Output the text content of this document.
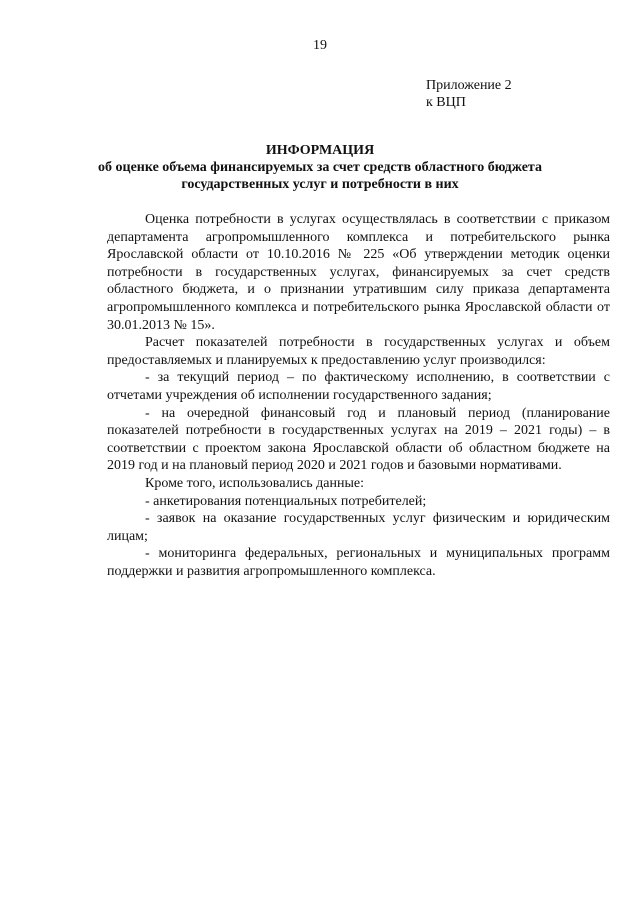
19
Приложение 2
к ВЦП
ИНФОРМАЦИЯ
об оценке объема финансируемых за счет средств областного бюджета
государственных услуг и потребности в них

Оценка потребности в услугах осуществлялась в соответствии с приказом департамента агропромышленного комплекса и потребительского рынка Ярославской области от 10.10.2016 № 225 «Об утверждении методик оценки потребности в государственных услугах, финансируемых за счет средств областного бюджета, и о признании утратившим силу приказа департамента агропромышленного комплекса и потребительского рынка Ярославской области от 30.01.2013 № 15».

Расчет показателей потребности в государственных услугах и объем предоставляемых и планируемых к предоставлению услуг производился:

- за текущий период – по фактическому исполнению, в соответствии с отчетами учреждения об исполнении государственного задания;

- на очередной финансовый год и плановый период (планирование показателей потребности в государственных услугах на 2019 – 2021 годы) – в соответствии с проектом закона Ярославской области об областном бюджете на 2019 год и на плановый период 2020 и 2021 годов и базовыми нормативами.

Кроме того, использовались данные:

- анкетирования потенциальных потребителей;

- заявок на оказание государственных услуг физическим и юридическим лицам;

- мониторинга федеральных, региональных и муниципальных программ поддержки и развития агропромышленного комплекса.
